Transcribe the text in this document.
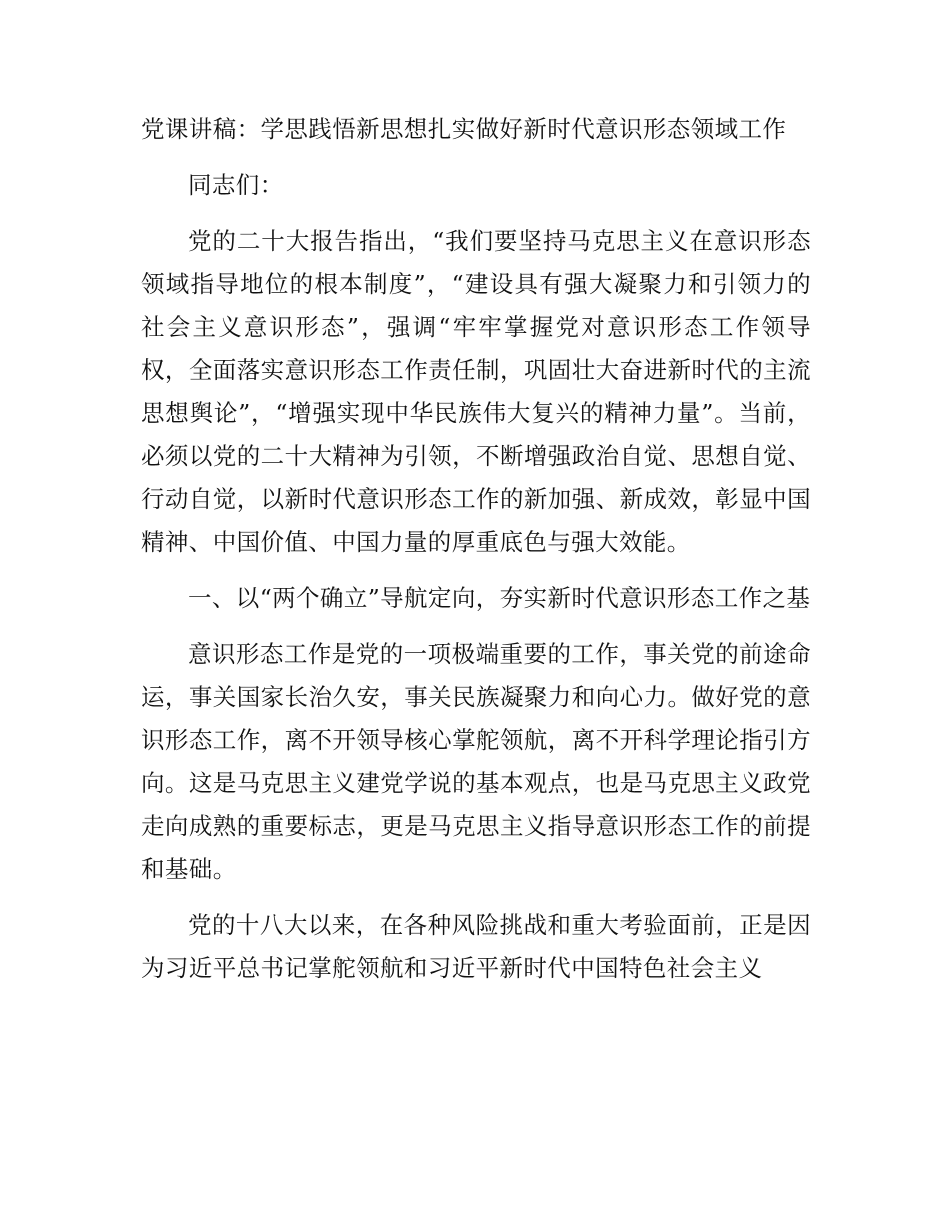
党课讲稿：学思践悟新思想扎实做好新时代意识形态领域工作

同志们：

党的二十大报告指出，“我们要坚持马克思主义在意识形态领域指导地位的根本制度”，“建设具有强大凝聚力和引领力的社会主义意识形态”，强调“牢牢掌握党对意识形态工作领导权，全面落实意识形态工作责任制，巩固壮大奋进新时代的主流思想舆论”，“增强实现中华民族伟大复兴的精神力量”。当前，必须以党的二十大精神为引领，不断增强政治自觉、思想自觉、行动自觉，以新时代意识形态工作的新加强、新成效，彰显中国精神、中国价值、中国力量的厚重底色与强大效能。

一、以“两个确立”导航定向，夯实新时代意识形态工作之基

意识形态工作是党的一项极端重要的工作，事关党的前途命运，事关国家长治久安，事关民族凝聚力和向心力。做好党的意识形态工作，离不开领导核心掌舵领航，离不开科学理论指引方向。这是马克思主义建党学说的基本观点，也是马克思主义政党走向成熟的重要标志，更是马克思主义指导意识形态工作的前提和基础。

党的十八大以来，在各种风险挑战和重大考验面前，正是因为习近平总书记掌舵领航和习近平新时代中国特色社会主义
